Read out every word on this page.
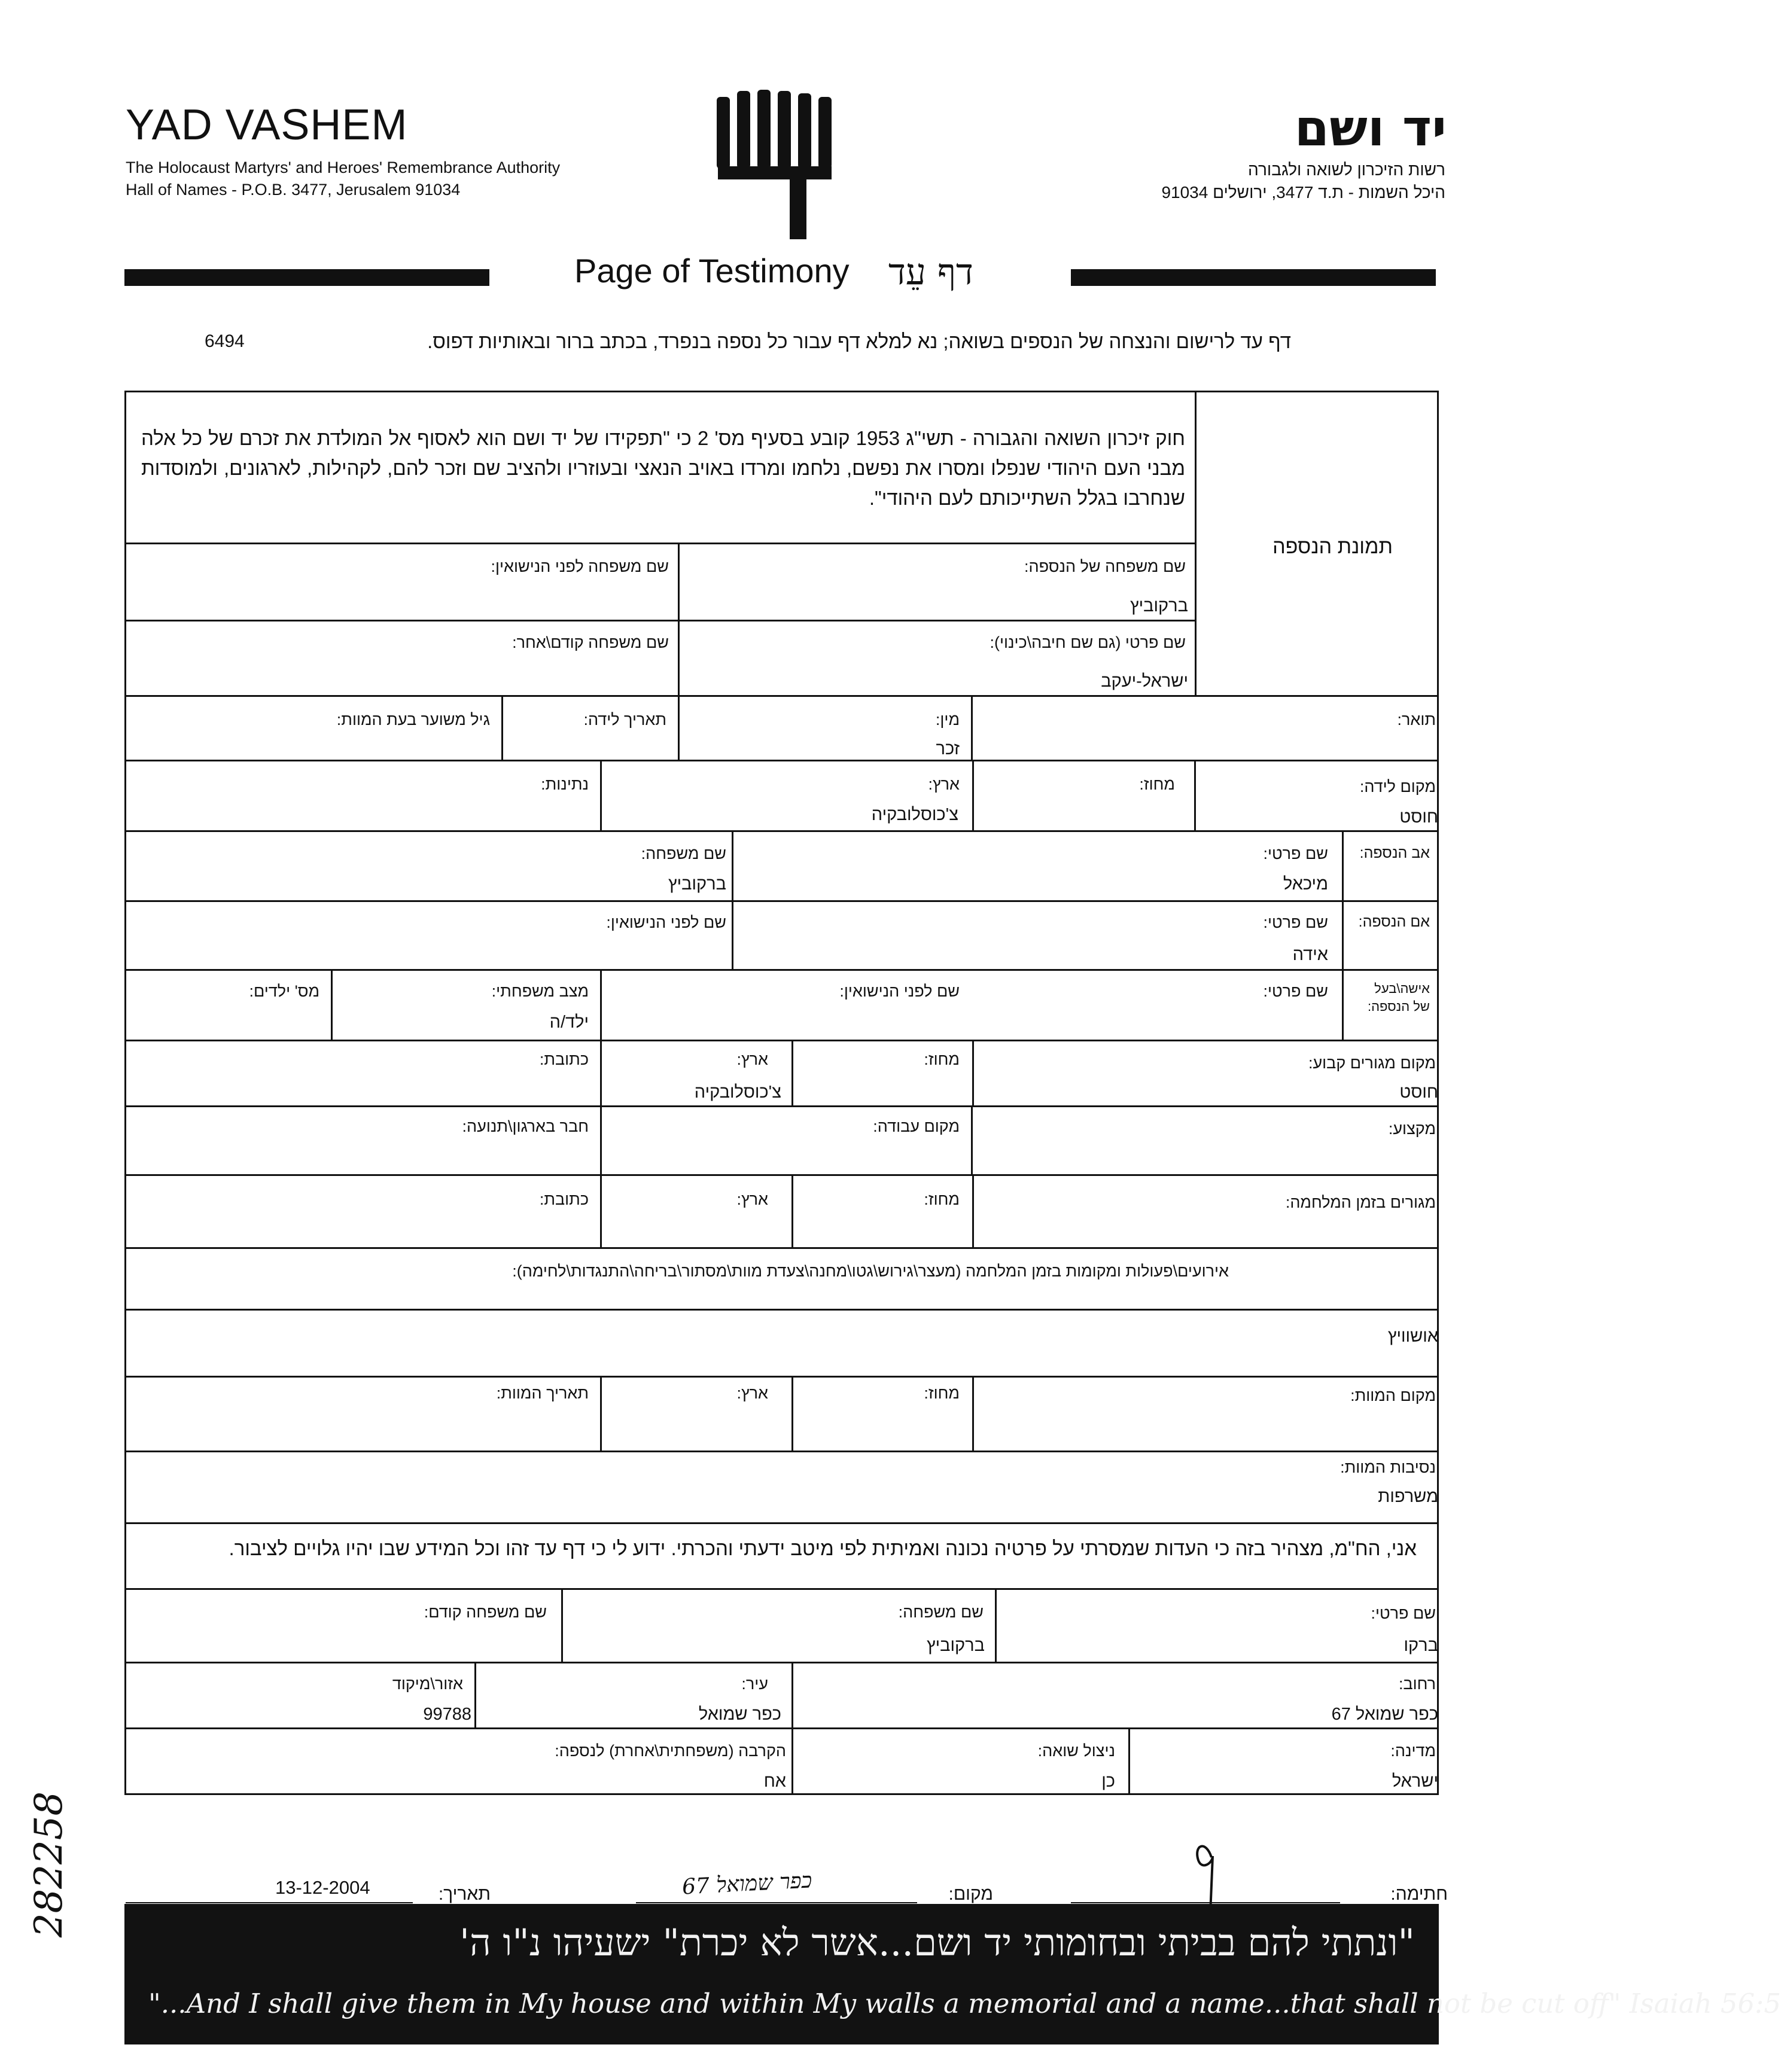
YAD VASHEM
The Holocaust Martyrs' and Heroes' Remembrance Authority
Hall of Names - P.O.B. 3477, Jerusalem 91034
יד ושם
רשות הזיכרון לשואה ולגבורה
היכל השמות - ת.ד 3477, ירושלים 91034
Page of Testimony דף עֵד
דף עד לרישום והנצחה של הנספים בשואה; נא למלא דף עבור כל נספה בנפרד, בכתב ברור ובאותיות דפוס.
6494
חוק זיכרון השואה והגבורה - תשי"ג 1953 קובע בסעיף מס' 2 כי "תפקידו של יד ושם הוא לאסוף אל המולדת את זכרם של כל אלה מבני העם היהודי שנפלו ומסרו את נפשם, נלחמו ומרדו באויב הנאצי ובעוזריו ולהציב שם וזכר להם, לקהילות, לארגונים, ולמוסדות שנחרבו בגלל השתייכותם לעם היהודי".
תמונת הנספה
שם משפחה של הנספה:
ברקוביץ
שם משפחה לפני הנישואין:
שם פרטי (גם שם חיבה\כינוי):
ישראל-יעקב
שם משפחה קודם\אחר:
תואר:
מין:
זכר
תאריך לידה:
גיל משוער בעת המוות:
מקום לידה:
חוסט
מחוז:
ארץ:
צ'כוסלובקיה
נתינות:
אב הנספה:
שם פרטי:
מיכאל
שם משפחה:
ברקוביץ
אם הנספה:
שם פרטי:
אידה
שם לפני הנישואין:
אישה\בעל
של הנספה:
שם פרטי:
שם לפני הנישואין:
מצב משפחתי:
ילד/ה
מס' ילדים:
מקום מגורים קבוע:
חוסט
מחוז:
ארץ:
צ'כוסלובקיה
כתובת:
מקצוע:
מקום עבודה:
חבר בארגון\תנועה:
מגורים בזמן המלחמה:
מחוז:
ארץ:
כתובת:
אירועים\פעולות ומקומות בזמן המלחמה (מעצר\גירוש\גטו\מחנה\צעדת מוות\מסתור\בריחה\התנגדות\לחימה):
אושוויץ
מקום המוות:
מחוז:
ארץ:
תאריך המוות:
נסיבות המוות:
משרפות
אני, הח"מ, מצהיר בזה כי העדות שמסרתי על פרטיה נכונה ואמיתית לפי מיטב ידעתי והכרתי. ידוע לי כי דף עד זהו וכל המידע שבו יהיו גלויים לציבור.
שם פרטי:
ברקו
שם משפחה:
ברקוביץ
שם משפחה קודם:
רחוב:
כפר שמואל 67
עיר:
כפר שמואל
אזור\מיקוד
99788
מדינה:
ישראל
ניצול שואה:
כן
הקרבה (משפחתית\אחרת) לנספה:
אח
חתימה:
מקום:
כפר שמואל 67
תאריך:
13-12-2004
282258
"ונתתי להם בביתי ובחומותי יד ושם...אשר לא יכרת" ישעיהו נ"ו ה'
"...And I shall give them in My house and within My walls a memorial and a name...that shall not be cut off" Isaiah 56:5
